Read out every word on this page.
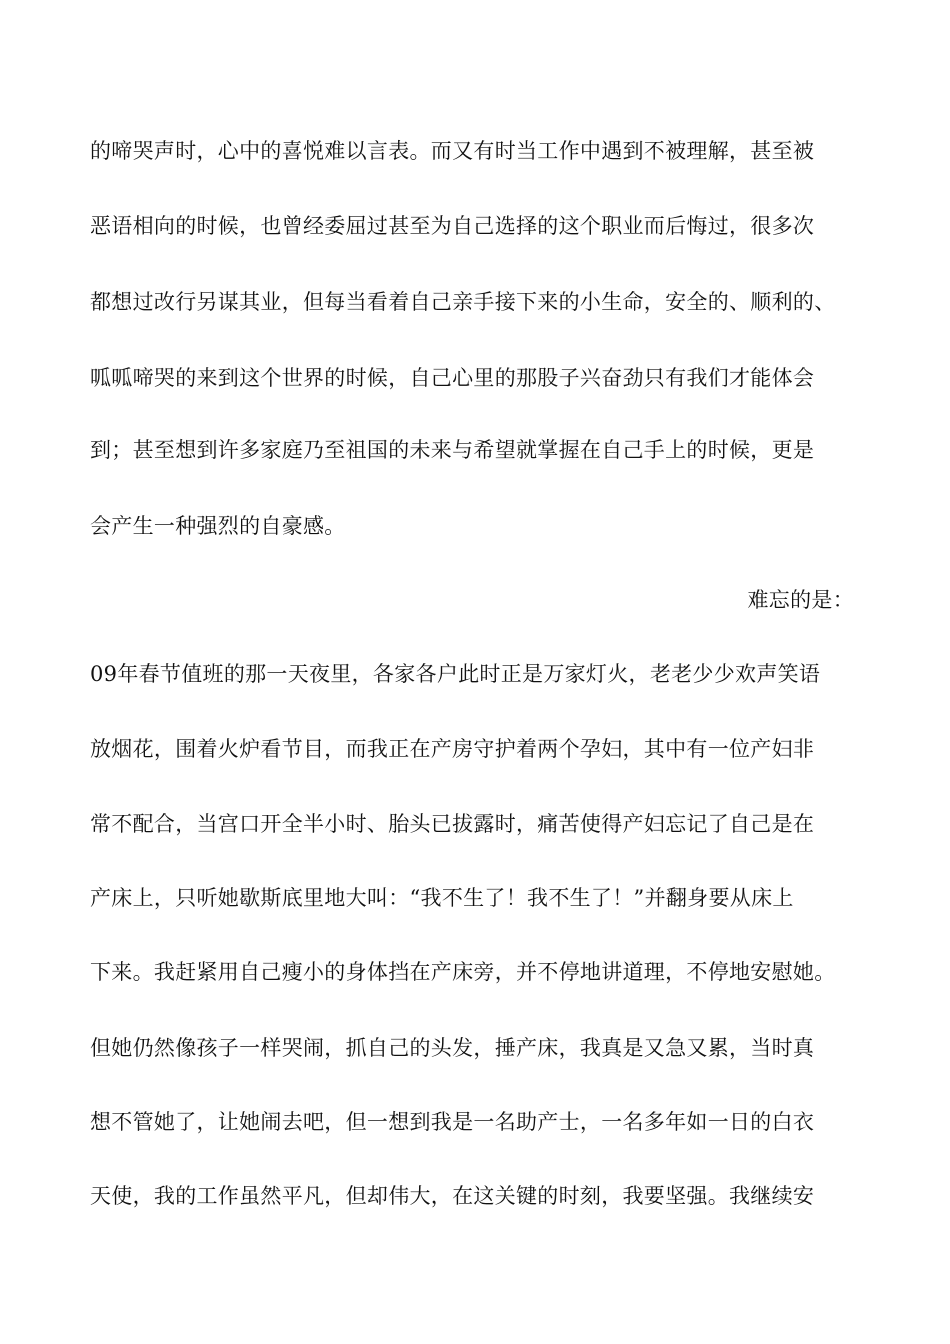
的啼哭声时，心中的喜悦难以言表。而又有时当工作中遇到不被理解，甚至被
恶语相向的时候，也曾经委屈过甚至为自己选择的这个职业而后悔过，很多次
都想过改行另谋其业，但每当看着自己亲手接下来的小生命，安全的、顺利的、
呱呱啼哭的来到这个世界的时候，自己心里的那股子兴奋劲只有我们才能体会
到；甚至想到许多家庭乃至祖国的未来与希望就掌握在自己手上的时候，更是
会产生一种强烈的自豪感。
难忘的是：
09年春节值班的那一天夜里，各家各户此时正是万家灯火，老老少少欢声笑语
放烟花，围着火炉看节目，而我正在产房守护着两个孕妇，其中有一位产妇非
常不配合，当宫口开全半小时、胎头已拔露时，痛苦使得产妇忘记了自己是在
产床上，只听她歇斯底里地大叫：“我不生了！我不生了！”并翻身要从床上
下来。我赶紧用自己瘦小的身体挡在产床旁，并不停地讲道理，不停地安慰她。
但她仍然像孩子一样哭闹，抓自己的头发，捶产床，我真是又急又累，当时真
想不管她了，让她闹去吧，但一想到我是一名助产士，一名多年如一日的白衣
天使，我的工作虽然平凡，但却伟大，在这关键的时刻，我要坚强。我继续安
